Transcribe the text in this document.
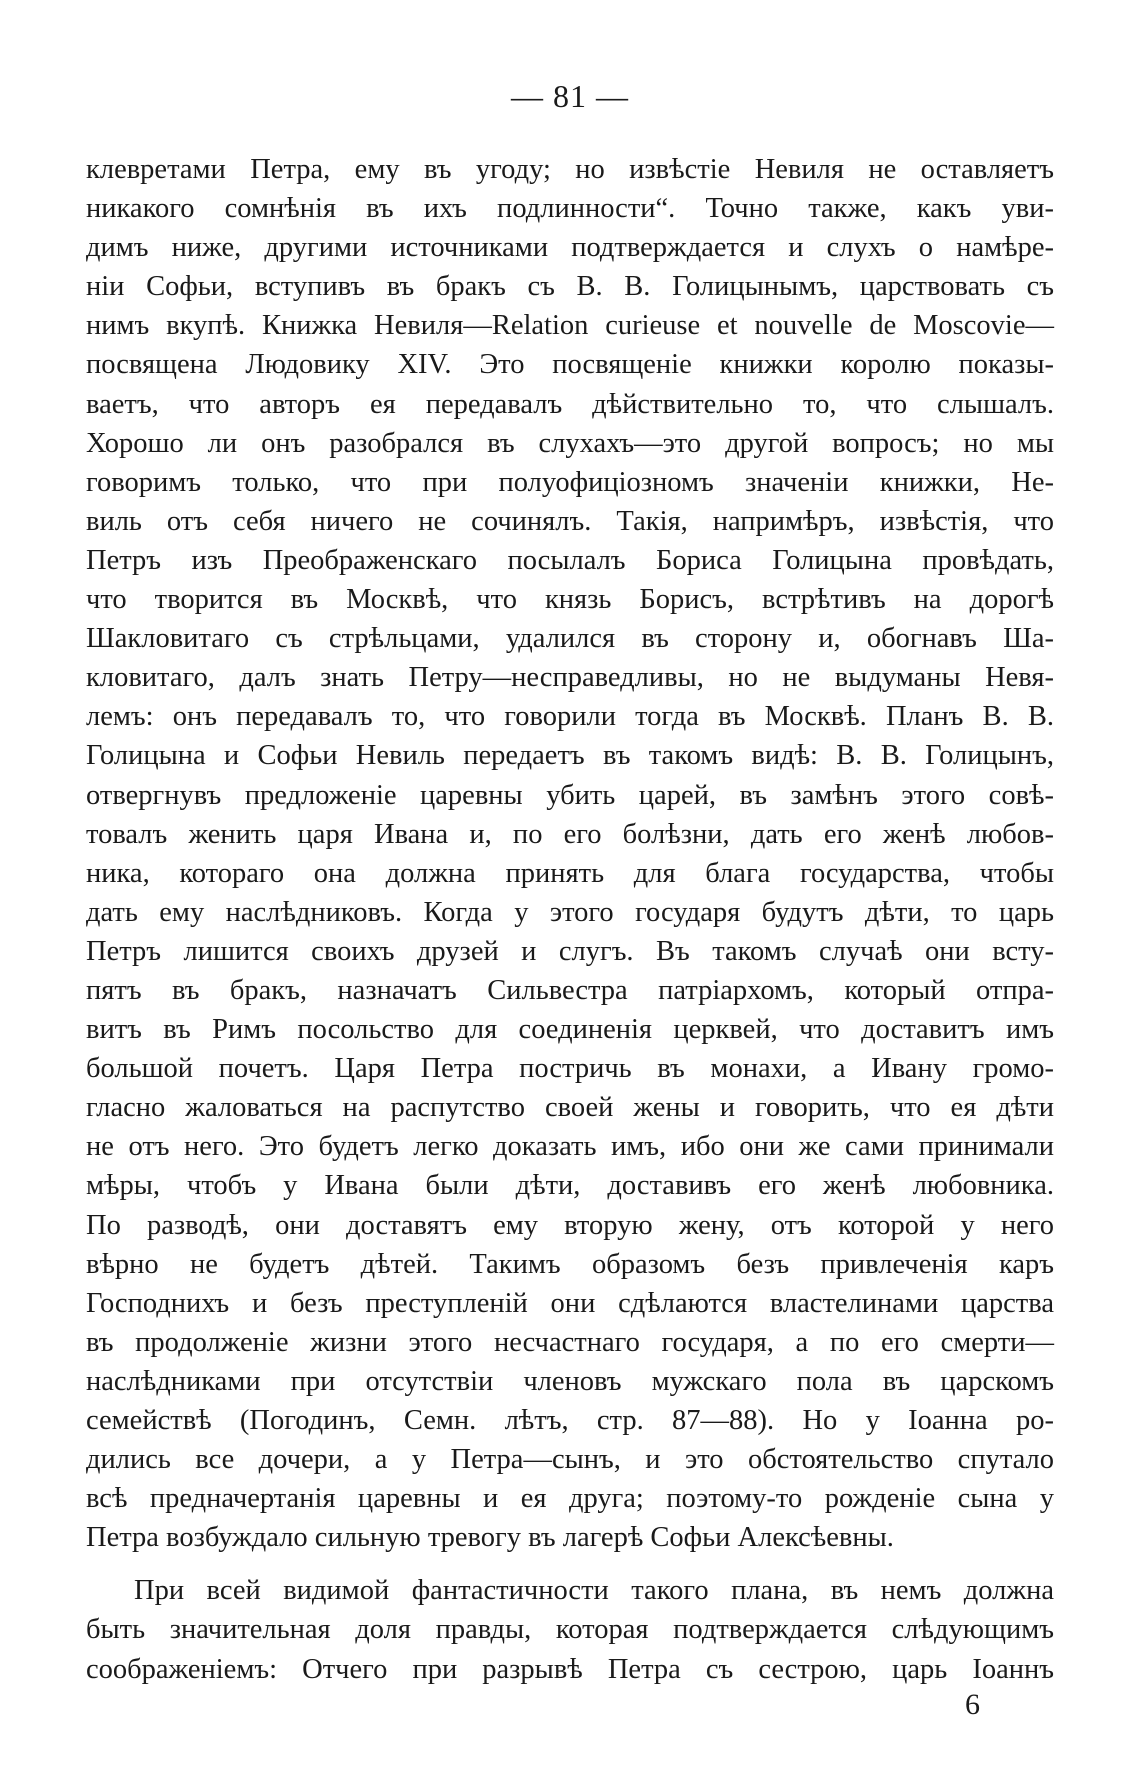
— 81 —
клевретами Петра, ему въ угоду; но извѣстіе Невиля не оставляетъ
никакого сомнѣнія въ ихъ подлинности“. Точно также, какъ уви-
димъ ниже, другими источниками подтверждается и слухъ о намѣре-
ніи Софьи, вступивъ въ бракъ съ В. В. Голицынымъ, царствовать съ
нимъ вкупѣ. Книжка Невиля—Relation curieuse et nouvelle de Moscovie—
посвящена Людовику XIV. Это посвященіе книжки королю показы-
ваетъ, что авторъ ея передавалъ дѣйствительно то, что слышалъ.
Хорошо ли онъ разобрался въ слухахъ—это другой вопросъ; но мы
говоримъ только, что при полуофиціозномъ значеніи книжки, Не-
виль отъ себя ничего не сочинялъ. Такія, напримѣръ, извѣстія, что
Петръ изъ Преображенскаго посылалъ Бориса Голицына провѣдать,
что творится въ Москвѣ, что князь Борисъ, встрѣтивъ на дорогѣ
Шакловитаго съ стрѣльцами, удалился въ сторону и, обогнавъ Ша-
кловитаго, далъ знать Петру—несправедливы, но не выдуманы Невя-
лемъ: онъ передавалъ то, что говорили тогда въ Москвѣ. Планъ В. В.
Голицына и Софьи Невиль передаетъ въ такомъ видѣ: В. В. Голицынъ,
отвергнувъ предложеніе царевны убить царей, въ замѣнъ этого совѣ-
товалъ женить царя Ивана и, по его болѣзни, дать его женѣ любов-
ника, котораго она должна принять для блага государства, чтобы
дать ему наслѣдниковъ. Когда у этого государя будутъ дѣти, то царь
Петръ лишится своихъ друзей и слугъ. Въ такомъ случаѣ они всту-
пятъ въ бракъ, назначатъ Сильвестра патріархомъ, который отпра-
витъ въ Римъ посольство для соединенія церквей, что доставитъ имъ
большой почетъ. Царя Петра постричь въ монахи, а Ивану громо-
гласно жаловаться на распутство своей жены и говорить, что ея дѣти
не отъ него. Это будетъ легко доказать имъ, ибо они же сами принимали
мѣры, чтобъ у Ивана были дѣти, доставивъ его женѣ любовника.
По разводѣ, они доставятъ ему вторую жену, отъ которой у него
вѣрно не будетъ дѣтей. Такимъ образомъ безъ привлеченія каръ
Господнихъ и безъ преступленій они сдѣлаются властелинами царства
въ продолженіе жизни этого несчастнаго государя, а по его смерти—
наслѣдниками при отсутствіи членовъ мужскаго пола въ царскомъ
семействѣ (Погодинъ, Семн. лѣтъ, стр. 87—88). Но у Іоанна ро-
дились все дочери, а у Петра—сынъ, и это обстоятельство спутало
всѣ предначертанія царевны и ея друга; поэтому-то рожденіе сына у
Петра возбуждало сильную тревогу въ лагерѣ Софьи Алексѣевны.
При всей видимой фантастичности такого плана, въ немъ должна
быть значительная доля правды, которая подтверждается слѣдующимъ
соображеніемъ: Отчего при разрывѣ Петра съ сестрою, царь Іоаннъ
6
